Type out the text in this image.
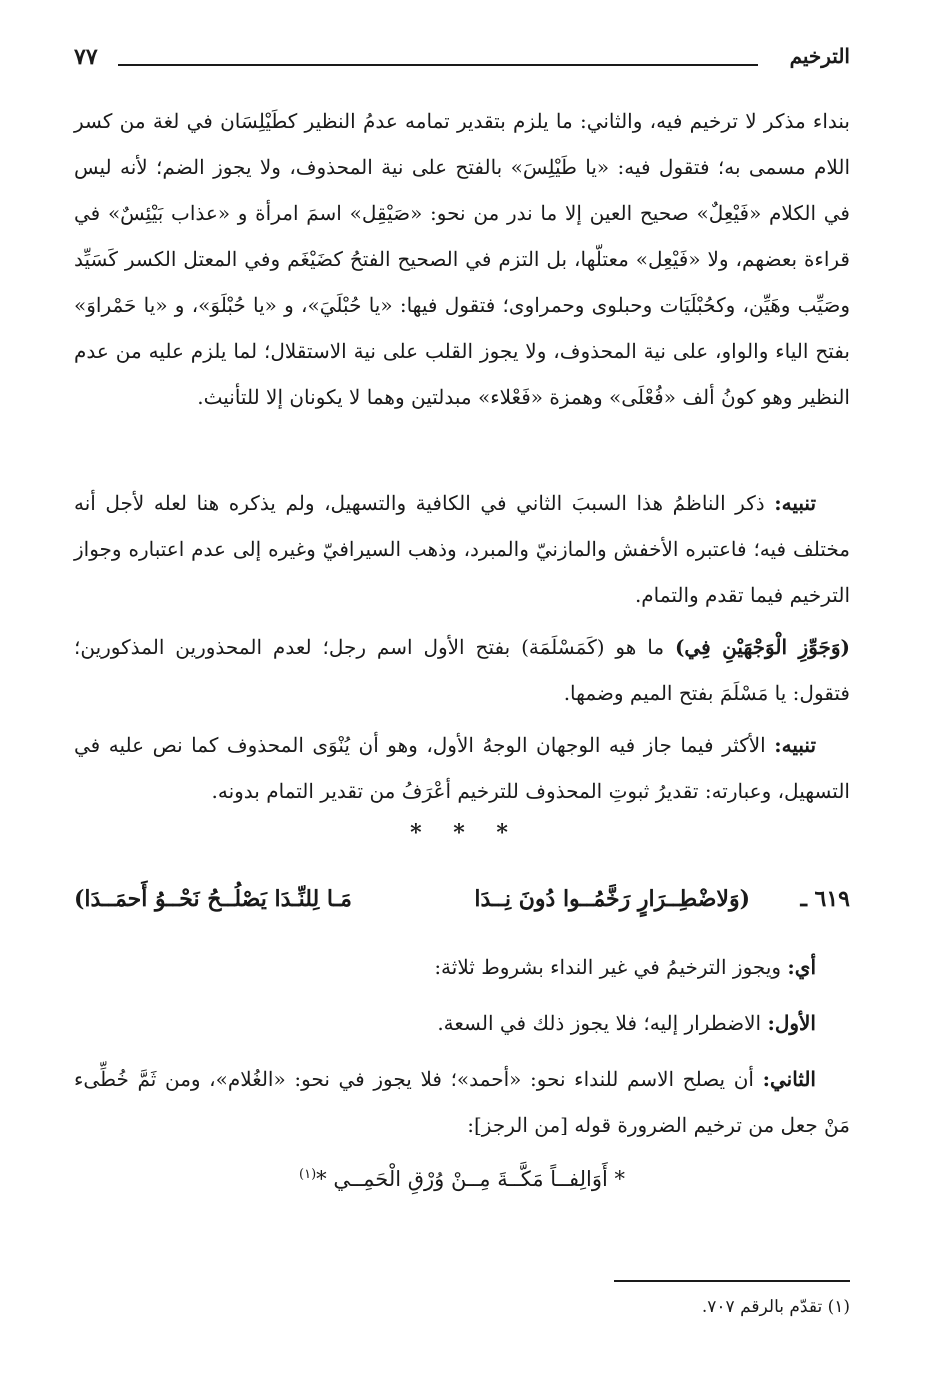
٧٧	الترخيم

بنداء مذكر لا ترخيم فيه، والثاني: ما يلزم بتقدير تمامه عدمُ النظير كطَيْلِسَان في لغة من كسر اللام مسمى به؛ فتقول فيه: «يا طَيْلِسَ» بالفتح على نية المحذوف، ولا يجوز الضم؛ لأنه ليس في الكلام «فَيْعِلٌ» صحيح العين إلا ما ندر من نحو: «صَيْقِل» اسمَ امرأة و «عذاب بَيْئِسٌ» في قراءة بعضهم، ولا «فَيْعِل» معتلّها، بل التزم في الصحيح الفتحُ كضَيْغَم وفي المعتل الكسر كَسَيِّد وصَيِّب وهَيِّن، وكحُبْلَيَات وحبلوى وحمراوى؛ فتقول فيها: «يا حُبْلَيَ»، و «يا حُبْلَوَ»، و «يا حَمْراوَ» بفتح الياء والواو، على نية المحذوف، ولا يجوز القلب على نية الاستقلال؛ لما يلزم عليه من عدم النظير وهو كونُ ألف «فُعْلَى» وهمزة «فَعْلاء» مبدلتين وهما لا يكونان إلا للتأنيث.

تنبيه: ذكر الناظمُ هذا السببَ الثاني في الكافية والتسهيل، ولم يذكره هنا لعله لأجل أنه مختلف فيه؛ فاعتبره الأخفش والمازنيّ والمبرد، وذهب السيرافيّ وغيره إلى عدم اعتباره وجواز الترخيم فيما تقدم والتمام.

(وَجَوِّزِ الْوَجْهَيْنِ فِي) ما هو (كَمَسْلَمَة) بفتح الأول اسم رجل؛ لعدم المحذورين المذكورين؛ فتقول: يا مَسْلَمَ بفتح الميم وضمها.

تنبيه: الأكثر فيما جاز فيه الوجهان الوجهُ الأول، وهو أن يُنْوَى المحذوف كما نص عليه في التسهيل، وعبارته: تقديرُ ثبوتِ المحذوف للترخيم أعْرَفُ من تقدير التمام بدونه.

* * *
٦١٩ ـ
(وَلاضْطِــرَارٍ رَخَّمُــوا دُونَ نِــدَا
مَـا لِلنِّـدَا يَصْلُــحُ نَحْــوُ أَحمَــدَا)

أي: ويجوز الترخيمُ في غير النداء بشروط ثلاثة:

الأول: الاضطرار إليه؛ فلا يجوز ذلك في السعة.

الثاني: أن يصلح الاسم للنداء نحو: «أحمد»؛ فلا يجوز في نحو: «الغُلام»، ومن ثَمَّ خُطِّىء مَنْ جعل من ترخيم الضرورة قوله [من الرجز]:

* أَوَالِفــاً مَكَّــةَ مِــنْ وُرْقِ الْحَمِــي *$^{(١)}$

(١) تقدّم بالرقم ٧٠٧.
